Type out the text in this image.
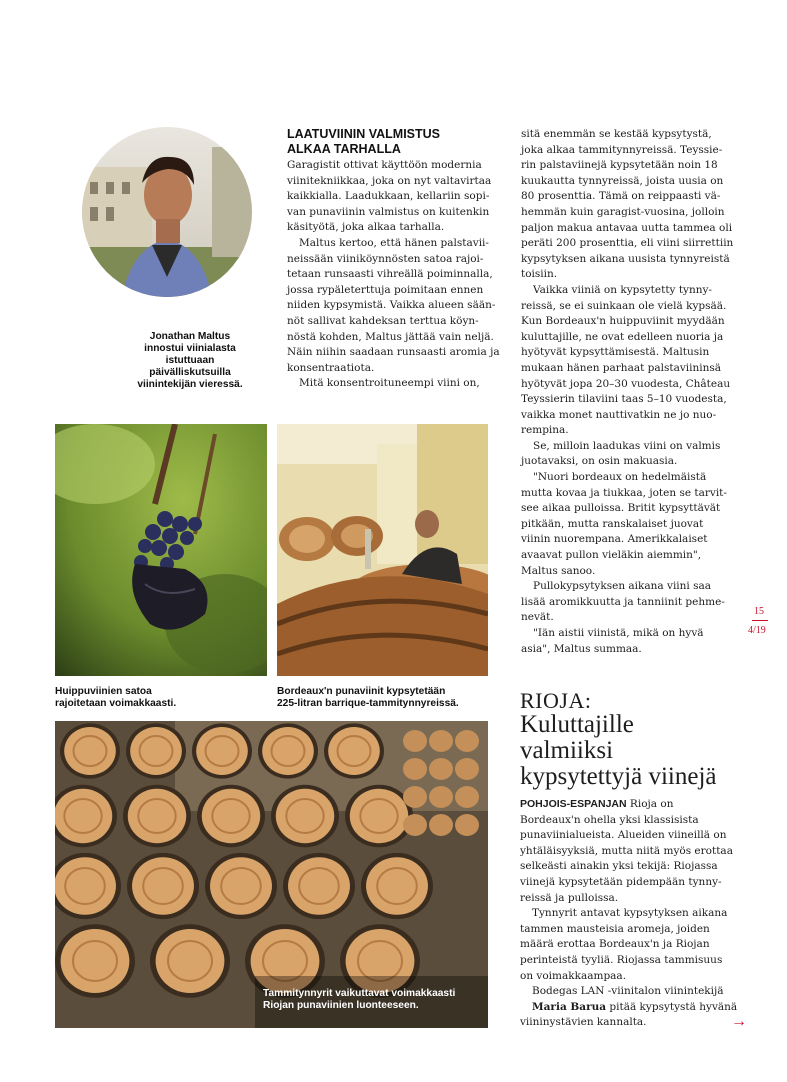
Jonathan Maltus
innostui viinialasta
istuttuaan
päivälliskutsuilla
viinintekijän vieressä.
LAATUVIININ VALMISTUS
ALKAA TARHALLA

Garagistit ottivat käyttöön modernia

viinitekniikkaa, joka on nyt valtavirtaa

kaikkialla. Laadukkaan, kellariin sopi-

van punaviinin valmistus on kuitenkin

käsityötä, joka alkaa tarhalla.

Maltus kertoo, että hänen palstavii-

neissään viiniköynnösten satoa rajoi-

tetaan runsaasti vihreällä poiminnalla,

jossa rypäleterttuja poimitaan ennen

niiden kypsymistä. Vaikka alueen sään-

nöt sallivat kahdeksan terttua köyn-

nöstä kohden, Maltus jättää vain neljä.

Näin niihin saadaan runsaasti aromia ja

konsentraatiota.

Mitä konsentroituneempi viini on,

sitä enemmän se kestää kypsytystä,

joka alkaa tammitynnyreissä. Teyssie-

rin palstaviinejä kypsytetään noin 18

kuukautta tynnyreissä, joista uusia on

80 prosenttia. Tämä on reippaasti vä-

hemmän kuin garagist-vuosina, jolloin

paljon makua antavaa uutta tammea oli

peräti 200 prosenttia, eli viini siirrettiin

kypsytyksen aikana uusista tynnyreistä

toisiin.

Vaikka viiniä on kypsytetty tynny-

reissä, se ei suinkaan ole vielä kypsää.

Kun Bordeaux'n huippuviinit myydään

kuluttajille, ne ovat edelleen nuoria ja

hyötyvät kypsyttämisestä. Maltusin

mukaan hänen parhaat palstaviininsä

hyötyvät jopa 20–30 vuodesta, Château

Teyssierin tilaviini taas 5–10 vuodesta,

vaikka monet nauttivatkin ne jo nuo-

rempina.

Se, milloin laadukas viini on valmis

juotavaksi, on osin makuasia.

"Nuori bordeaux on hedelmäistä

mutta kovaa ja tiukkaa, joten se tarvit-

see aikaa pulloissa. Britit kypsyttävät

pitkään, mutta ranskalaiset juovat

viinin nuorempana. Amerikkalaiset

avaavat pullon vieläkin aiemmin",

Maltus sanoo.

Pullokypsytyksen aikana viini saa

lisää aromikkuutta ja tanniinit pehme-

nevät.

"Iän aistii viinistä, mikä on hyvä

asia", Maltus summaa.

15
4/19
Huippuviinien satoa
rajoitetaan voimakkaasti.
Bordeaux'n punaviinit kypsytetään
225-litran barrique-tammitynnyreissä.
Tammitynnyrit vaikuttavat voimakkaasti
Riojan punaviinien luonteeseen.
RIOJA:
Kuluttajille
valmiiksi
kypsytettyjä viinejä

POHJOIS-ESPANJAN Rioja on

Bordeaux'n ohella yksi klassisista

punaviinialueista. Alueiden viineillä on

yhtäläisyyksiä, mutta niitä myös erottaa

selkeästi ainakin yksi tekijä: Riojassa

viinejä kypsytetään pidempään tynny-

reissä ja pulloissa.

Tynnyrit antavat kypsytyksen aikana

tammen mausteisia aromeja, joiden

määrä erottaa Bordeaux'n ja Riojan

perinteistä tyyliä. Riojassa tammisuus

on voimakkaampaa.

Bodegas LAN -viinitalon viinintekijä

Maria Barua pitää kypsytystä hyvänä

viininystävien kannalta.	→
